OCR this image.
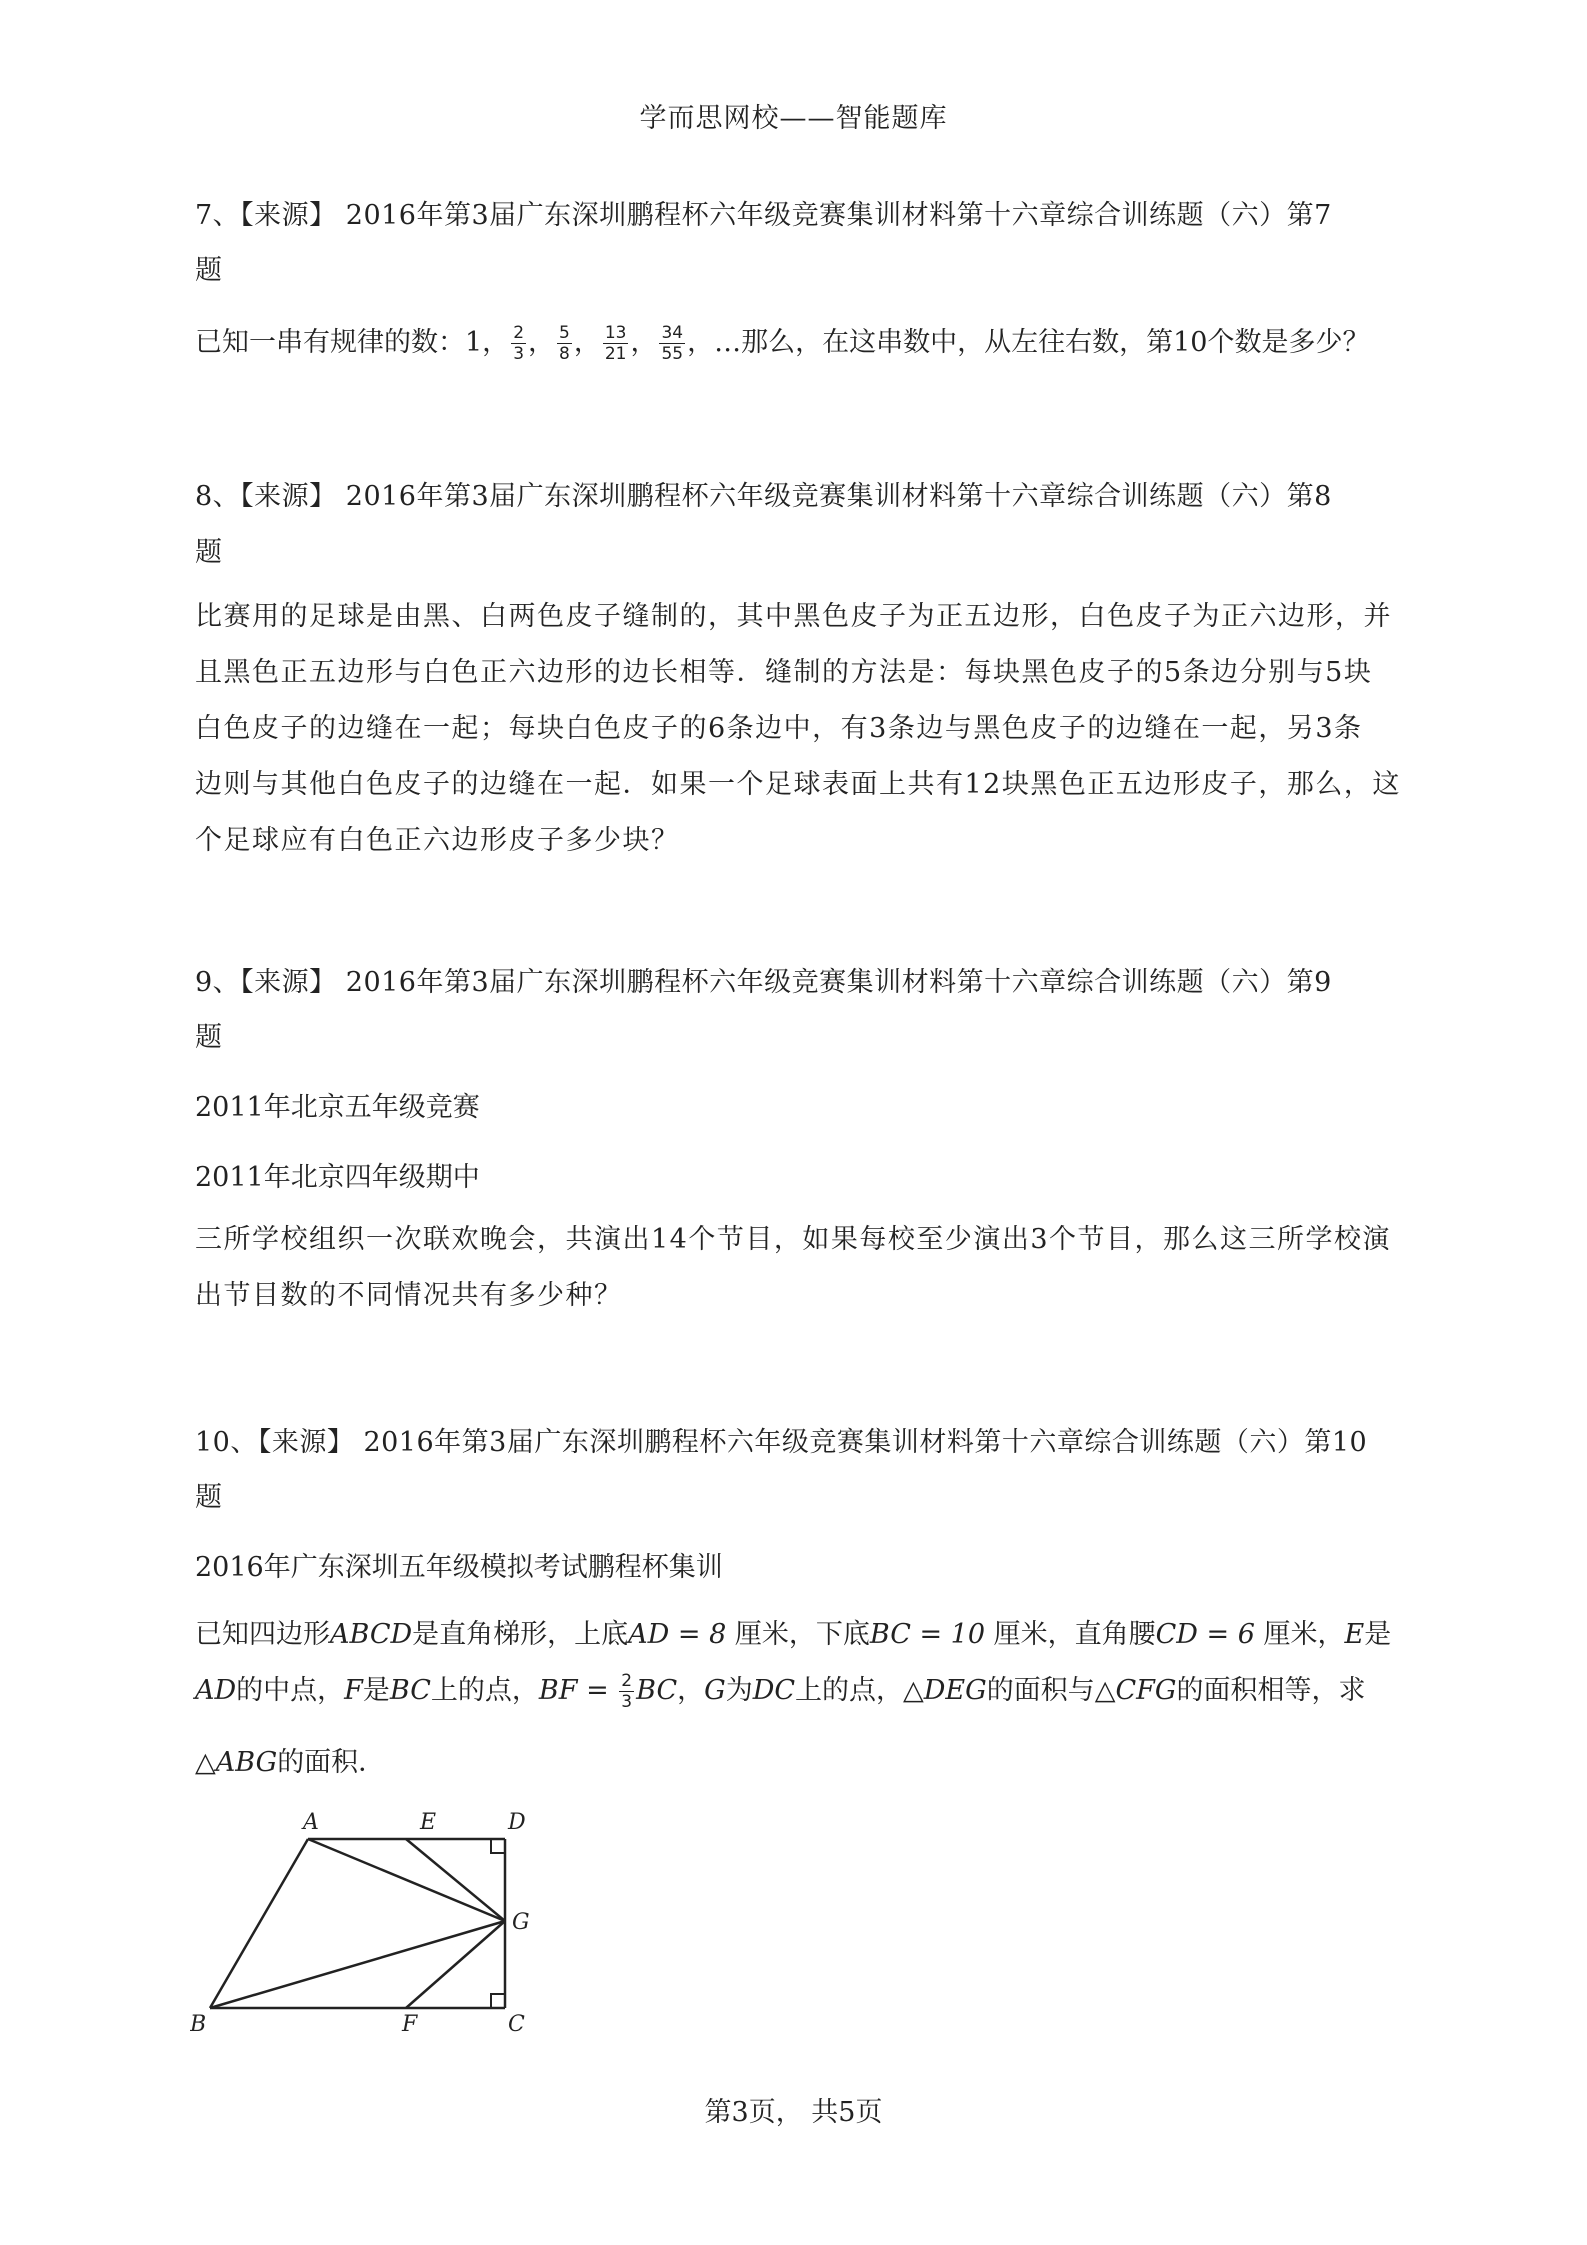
学而思网校——智能题库
7、【来源】 2016年第3届广东深圳鹏程杯六年级竞赛集训材料第十六章综合训练题（六）第7
题
已知一串有规律的数：1， $\frac{2}{3}$ ， $\frac{5}{8}$ ， $\frac{13}{21}$ ， $\frac{34}{55}$ ，…那么，在这串数中，从左往右数，第10个数是多少？
8、【来源】 2016年第3届广东深圳鹏程杯六年级竞赛集训材料第十六章综合训练题（六）第8
题
比赛用的足球是由黑、白两色皮子缝制的，其中黑色皮子为正五边形，白色皮子为正六边形，并
且黑色正五边形与白色正六边形的边长相等．缝制的方法是：每块黑色皮子的5条边分别与5块
白色皮子的边缝在一起；每块白色皮子的6条边中，有3条边与黑色皮子的边缝在一起，另3条
边则与其他白色皮子的边缝在一起．如果一个足球表面上共有12块黑色正五边形皮子，那么，这
个足球应有白色正六边形皮子多少块？
9、【来源】 2016年第3届广东深圳鹏程杯六年级竞赛集训材料第十六章综合训练题（六）第9
题
2011年北京五年级竞赛
2011年北京四年级期中
三所学校组织一次联欢晚会，共演出14个节目，如果每校至少演出3个节目，那么这三所学校演
出节目数的不同情况共有多少种？
10、【来源】 2016年第3届广东深圳鹏程杯六年级竞赛集训材料第十六章综合训练题（六）第10
题
2016年广东深圳五年级模拟考试鹏程杯集训
已知四边形ABCD是直角梯形，上底AD = 8 厘米，下底BC = 10 厘米，直角腰CD = 6 厘米，E是
AD的中点，F是BC上的点，BF = $\frac{2}{3}$ BC，G为DC上的点，△DEG的面积与△CFG的面积相等，求
△ABG的面积．
A	E	D
G
B	F	C
第3页， 共5页
